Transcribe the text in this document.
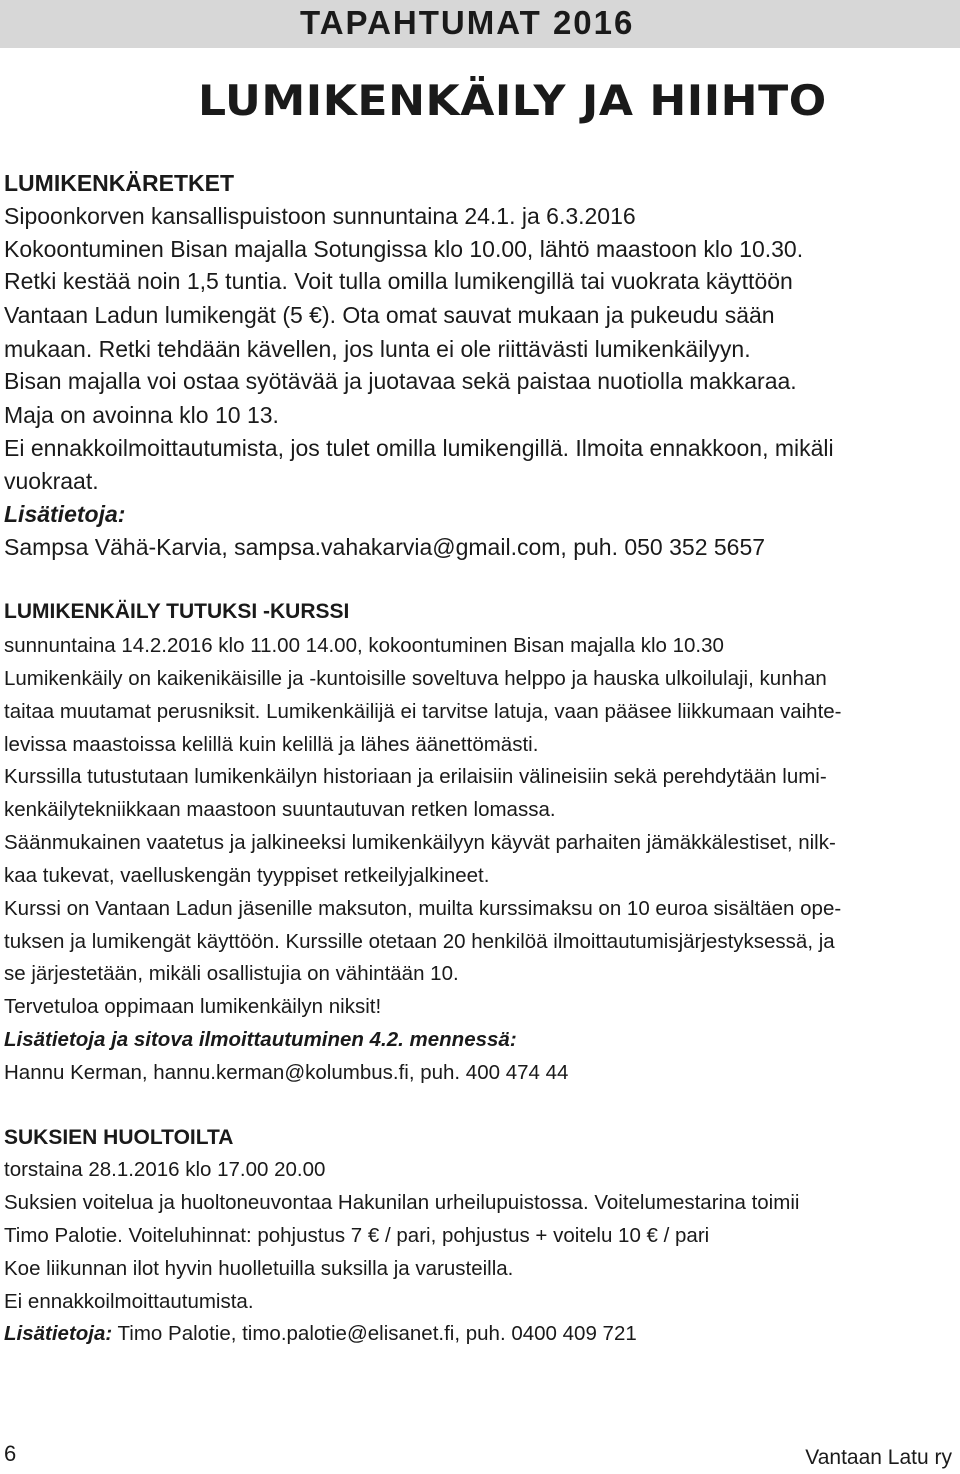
TAPAHTUMAT 2016
LUMIKENKÄILY JA HIIHTO
LUMIKENKÄRETKET
Sipoonkorven kansallispuistoon sunnuntaina 24.1. ja 6.3.2016
Kokoontuminen Bisan majalla Sotungissa klo 10.00, lähtö maastoon klo 10.30.
Retki kestää noin 1,5 tuntia. Voit tulla omilla lumikengillä tai vuokrata käyttöön
Vantaan Ladun lumikengät (5 €). Ota omat sauvat mukaan ja pukeudu sään
mukaan. Retki tehdään kävellen, jos lunta ei ole riittävästi lumikenkäilyyn.
Bisan majalla voi ostaa syötävää ja juotavaa sekä paistaa nuotiolla makkaraa.
Maja on avoinna klo 10 13.
Ei ennakkoilmoittautumista, jos tulet omilla lumikengillä. Ilmoita ennakkoon, mikäli
vuokraat.
Lisätietoja:
Sampsa Vähä-Karvia, sampsa.vahakarvia@gmail.com, puh. 050 352 5657
LUMIKENKÄILY TUTUKSI -KURSSI
sunnuntaina 14.2.2016 klo 11.00 14.00, kokoontuminen Bisan majalla klo 10.30
Lumikenkäily on kaikenikäisille ja -kuntoisille soveltuva helppo ja hauska ulkoilulaji, kunhan
taitaa muutamat perusniksit. Lumikenkäilijä ei tarvitse latuja, vaan pääsee liikkumaan vaihte-
levissa maastoissa kelillä kuin kelillä ja lähes äänettömästi.
Kurssilla tutustutaan lumikenkäilyn historiaan ja erilaisiin välineisiin sekä perehdytään lumi-
kenkäilytekniikkaan maastoon suuntautuvan retken lomassa.
Säänmukainen vaatetus ja jalkineeksi lumikenkäilyyn käyvät parhaiten jämäkkälestiset, nilk-
kaa tukevat, vaelluskengän tyyppiset retkeilyjalkineet.
Kurssi on Vantaan Ladun jäsenille maksuton, muilta kurssimaksu on 10 euroa sisältäen ope-
tuksen ja lumikengät käyttöön. Kurssille otetaan 20 henkilöä ilmoittautumisjärjestyksessä, ja
se järjestetään, mikäli osallistujia on vähintään 10.
Tervetuloa oppimaan lumikenkäilyn niksit!
Lisätietoja ja sitova ilmoittautuminen 4.2. mennessä:
Hannu Kerman, hannu.kerman@kolumbus.fi, puh. 400 474 44
SUKSIEN HUOLTOILTA
torstaina 28.1.2016 klo 17.00 20.00
Suksien voitelua ja huoltoneuvontaa Hakunilan urheilupuistossa. Voitelumestarina toimii
Timo Palotie. Voiteluhinnat: pohjustus 7 € / pari, pohjustus + voitelu 10 € / pari
Koe liikunnan ilot hyvin huolletuilla suksilla ja varusteilla.
Ei ennakkoilmoittautumista.
Lisätietoja: Timo Palotie, timo.palotie@elisanet.fi, puh. 0400 409 721
6	Vantaan Latu ry
